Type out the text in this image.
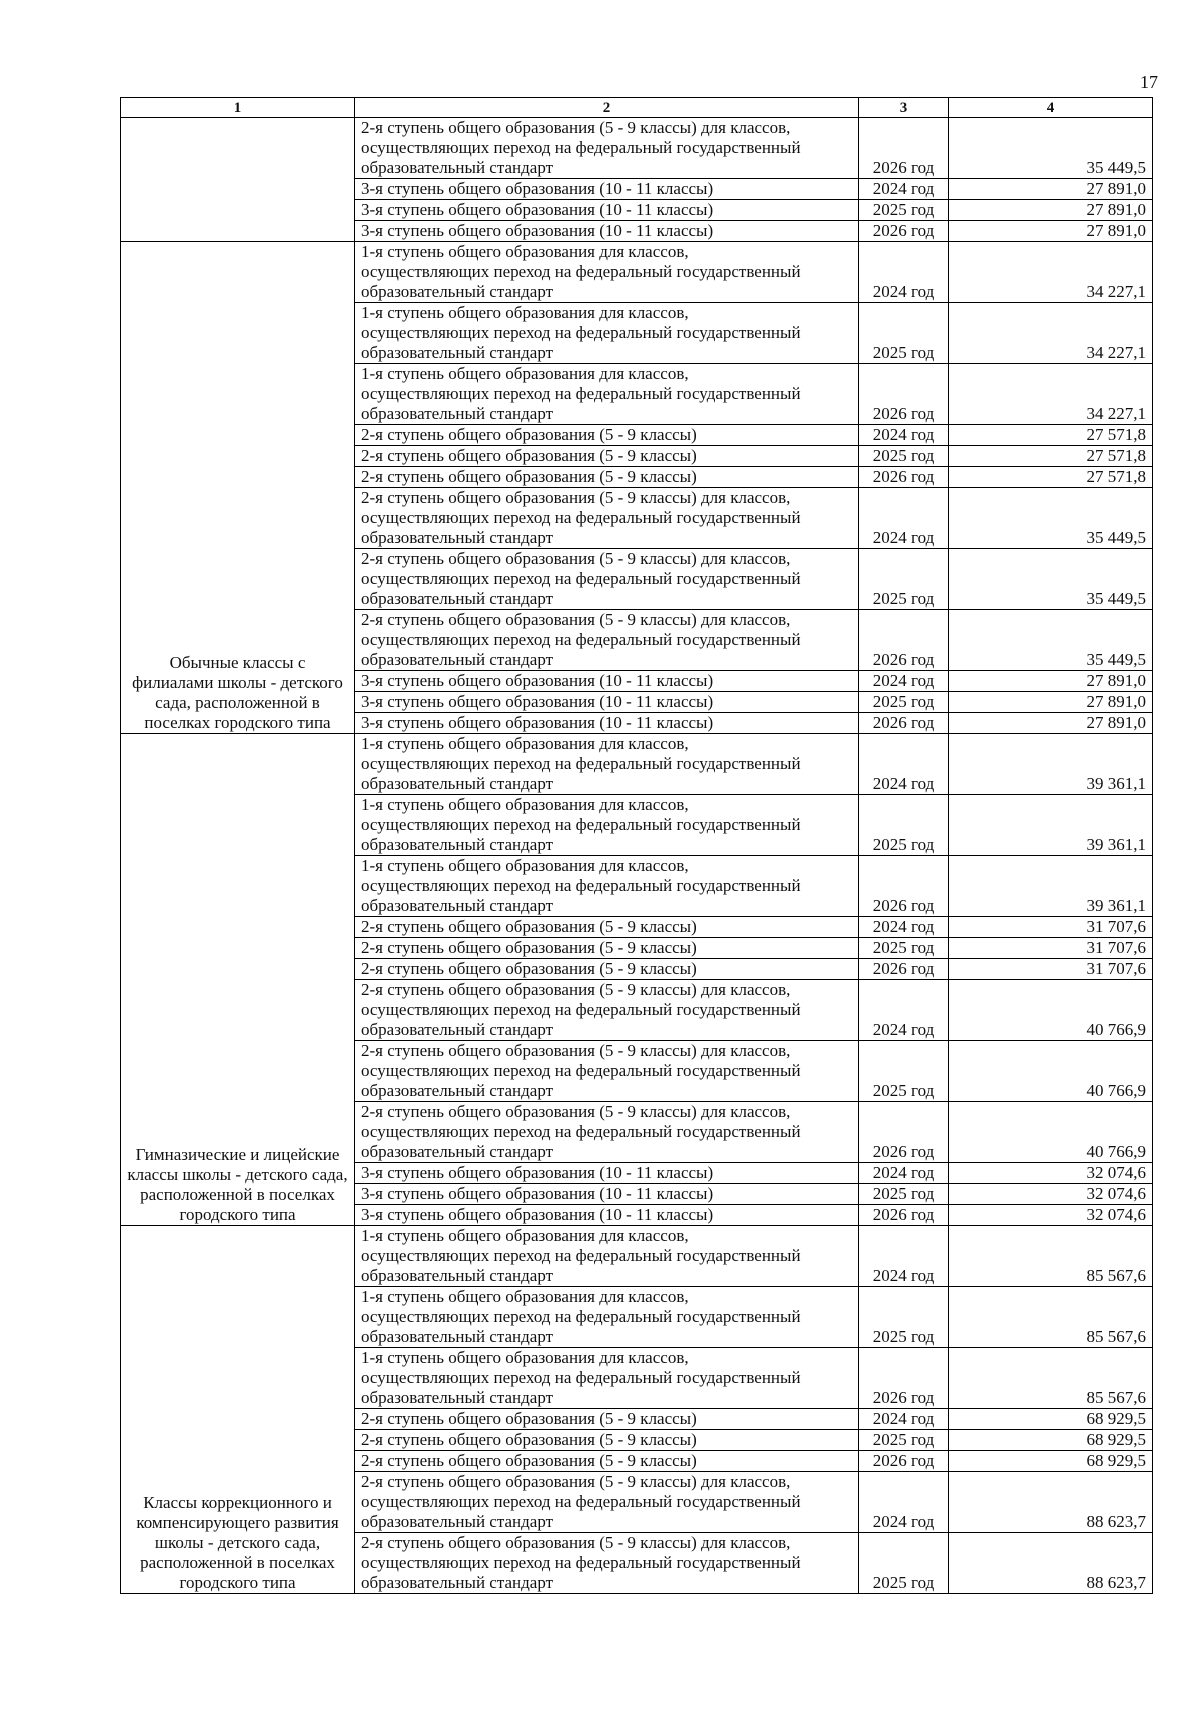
17
1	2	3	4
	2-я ступень общего образования (5 - 9 классы) для классов,
осуществляющих переход на федеральный государственный
образовательный стандарт	2026 год	35 449,5
	3-я ступень общего образования (10 - 11 классы)	2024 год	27 891,0
	3-я ступень общего образования (10 - 11 классы)	2025 год	27 891,0
	3-я ступень общего образования (10 - 11 классы)	2026 год	27 891,0
Обычные классы с филиалами школы - детского сада, расположенной в поселках городского типа	1-я ступень общего образования для классов,
осуществляющих переход на федеральный государственный
образовательный стандарт	2024 год	34 227,1
	1-я ступень общего образования для классов,
осуществляющих переход на федеральный государственный
образовательный стандарт	2025 год	34 227,1
	1-я ступень общего образования для классов,
осуществляющих переход на федеральный государственный
образовательный стандарт	2026 год	34 227,1
	2-я ступень общего образования (5 - 9 классы)	2024 год	27 571,8
	2-я ступень общего образования (5 - 9 классы)	2025 год	27 571,8
	2-я ступень общего образования (5 - 9 классы)	2026 год	27 571,8
	2-я ступень общего образования (5 - 9 классы) для классов,
осуществляющих переход на федеральный государственный
образовательный стандарт	2024 год	35 449,5
	2-я ступень общего образования (5 - 9 классы) для классов,
осуществляющих переход на федеральный государственный
образовательный стандарт	2025 год	35 449,5
	2-я ступень общего образования (5 - 9 классы) для классов,
осуществляющих переход на федеральный государственный
образовательный стандарт	2026 год	35 449,5
	3-я ступень общего образования (10 - 11 классы)	2024 год	27 891,0
	3-я ступень общего образования (10 - 11 классы)	2025 год	27 891,0
	3-я ступень общего образования (10 - 11 классы)	2026 год	27 891,0
Гимназические и лицейские классы школы - детского сада, расположенной в поселках городского типа	1-я ступень общего образования для классов,
осуществляющих переход на федеральный государственный
образовательный стандарт	2024 год	39 361,1
	1-я ступень общего образования для классов,
осуществляющих переход на федеральный государственный
образовательный стандарт	2025 год	39 361,1
	1-я ступень общего образования для классов,
осуществляющих переход на федеральный государственный
образовательный стандарт	2026 год	39 361,1
	2-я ступень общего образования (5 - 9 классы)	2024 год	31 707,6
	2-я ступень общего образования (5 - 9 классы)	2025 год	31 707,6
	2-я ступень общего образования (5 - 9 классы)	2026 год	31 707,6
	2-я ступень общего образования (5 - 9 классы) для классов,
осуществляющих переход на федеральный государственный
образовательный стандарт	2024 год	40 766,9
	2-я ступень общего образования (5 - 9 классы) для классов,
осуществляющих переход на федеральный государственный
образовательный стандарт	2025 год	40 766,9
	2-я ступень общего образования (5 - 9 классы) для классов,
осуществляющих переход на федеральный государственный
образовательный стандарт	2026 год	40 766,9
	3-я ступень общего образования (10 - 11 классы)	2024 год	32 074,6
	3-я ступень общего образования (10 - 11 классы)	2025 год	32 074,6
	3-я ступень общего образования (10 - 11 классы)	2026 год	32 074,6
Классы коррекционного и компенсирующего развития школы - детского сада, расположенной в поселках городского типа	1-я ступень общего образования для классов,
осуществляющих переход на федеральный государственный
образовательный стандарт	2024 год	85 567,6
	1-я ступень общего образования для классов,
осуществляющих переход на федеральный государственный
образовательный стандарт	2025 год	85 567,6
	1-я ступень общего образования для классов,
осуществляющих переход на федеральный государственный
образовательный стандарт	2026 год	85 567,6
	2-я ступень общего образования (5 - 9 классы)	2024 год	68 929,5
	2-я ступень общего образования (5 - 9 классы)	2025 год	68 929,5
	2-я ступень общего образования (5 - 9 классы)	2026 год	68 929,5
	2-я ступень общего образования (5 - 9 классы) для классов,
осуществляющих переход на федеральный государственный
образовательный стандарт	2024 год	88 623,7
	2-я ступень общего образования (5 - 9 классы) для классов,
осуществляющих переход на федеральный государственный
образовательный стандарт	2025 год	88 623,7
